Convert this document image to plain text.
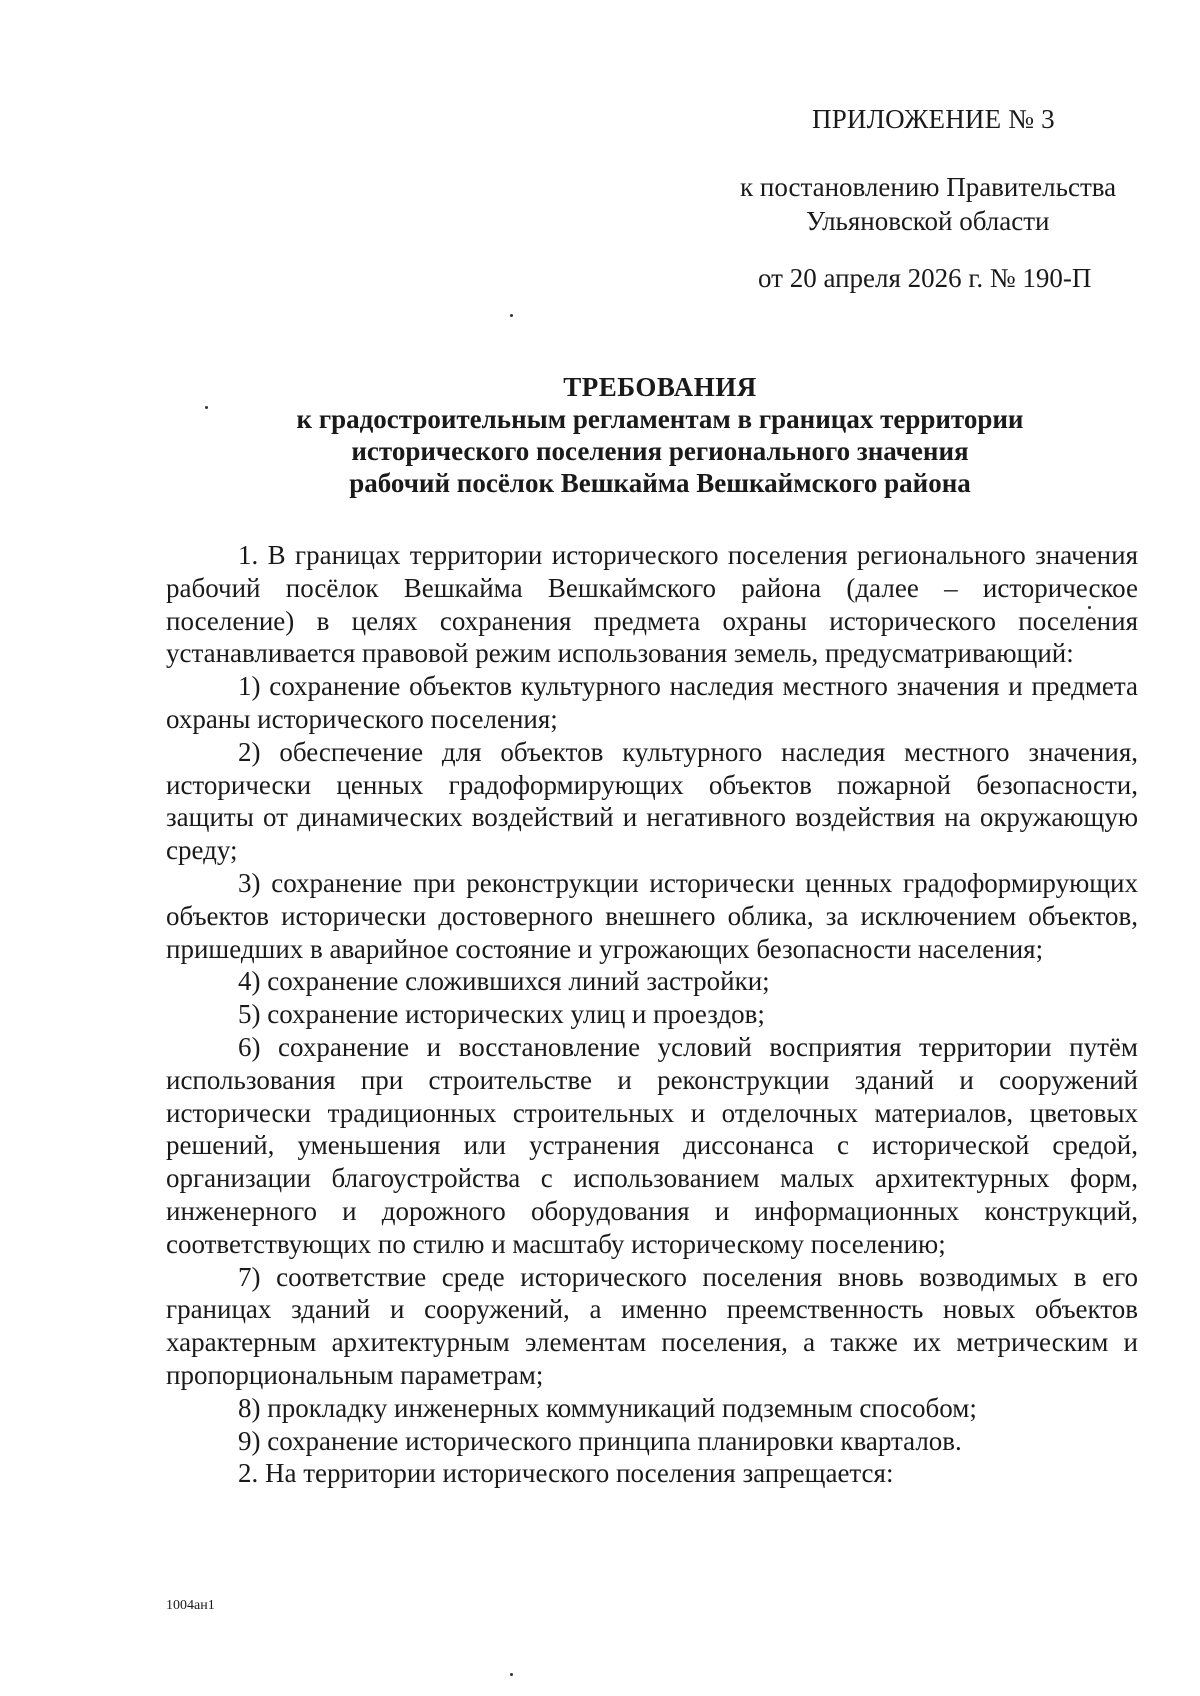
ПРИЛОЖЕНИЕ № 3
к постановлению Правительства
Ульяновской области
от 20 апреля 2026 г. № 190-П
ТРЕБОВАНИЯ
к градостроительным регламентам в границах территории
исторического поселения регионального значения
рабочий посёлок Вешкайма Вешкаймского района

1. В границах территории исторического поселения регионального значения рабочий посёлок Вешкайма Вешкаймского района (далее – историческое поселение) в целях сохранения предмета охраны исторического поселения устанавливается правовой режим использования земель, предусматривающий:

1) сохранение объектов культурного наследия местного значения и предмета охраны исторического поселения;

2) обеспечение для объектов культурного наследия местного значения, исторически ценных градоформирующих объектов пожарной безопасности, защиты от динамических воздействий и негативного воздействия на окружающую среду;

3) сохранение при реконструкции исторически ценных градоформирующих объектов исторически достоверного внешнего облика, за исключением объектов, пришедших в аварийное состояние и угрожающих безопасности населения;

4) сохранение сложившихся линий застройки;

5) сохранение исторических улиц и проездов;

6) сохранение и восстановление условий восприятия территории путём использования при строительстве и реконструкции зданий и сооружений исторически традиционных строительных и отделочных материалов, цветовых решений, уменьшения или устранения диссонанса с исторической средой, организации благоустройства с использованием малых архитектурных форм, инженерного и дорожного оборудования и информационных конструкций, соответствующих по стилю и масштабу историческому поселению;

7) соответствие среде исторического поселения вновь возводимых в его границах зданий и сооружений, а именно преемственность новых объектов характерным архитектурным элементам поселения, а также их метрическим и пропорциональным параметрам;

8) прокладку инженерных коммуникаций подземным способом;

9) сохранение исторического принципа планировки кварталов.

2. На территории исторического поселения запрещается:

1004ан1
